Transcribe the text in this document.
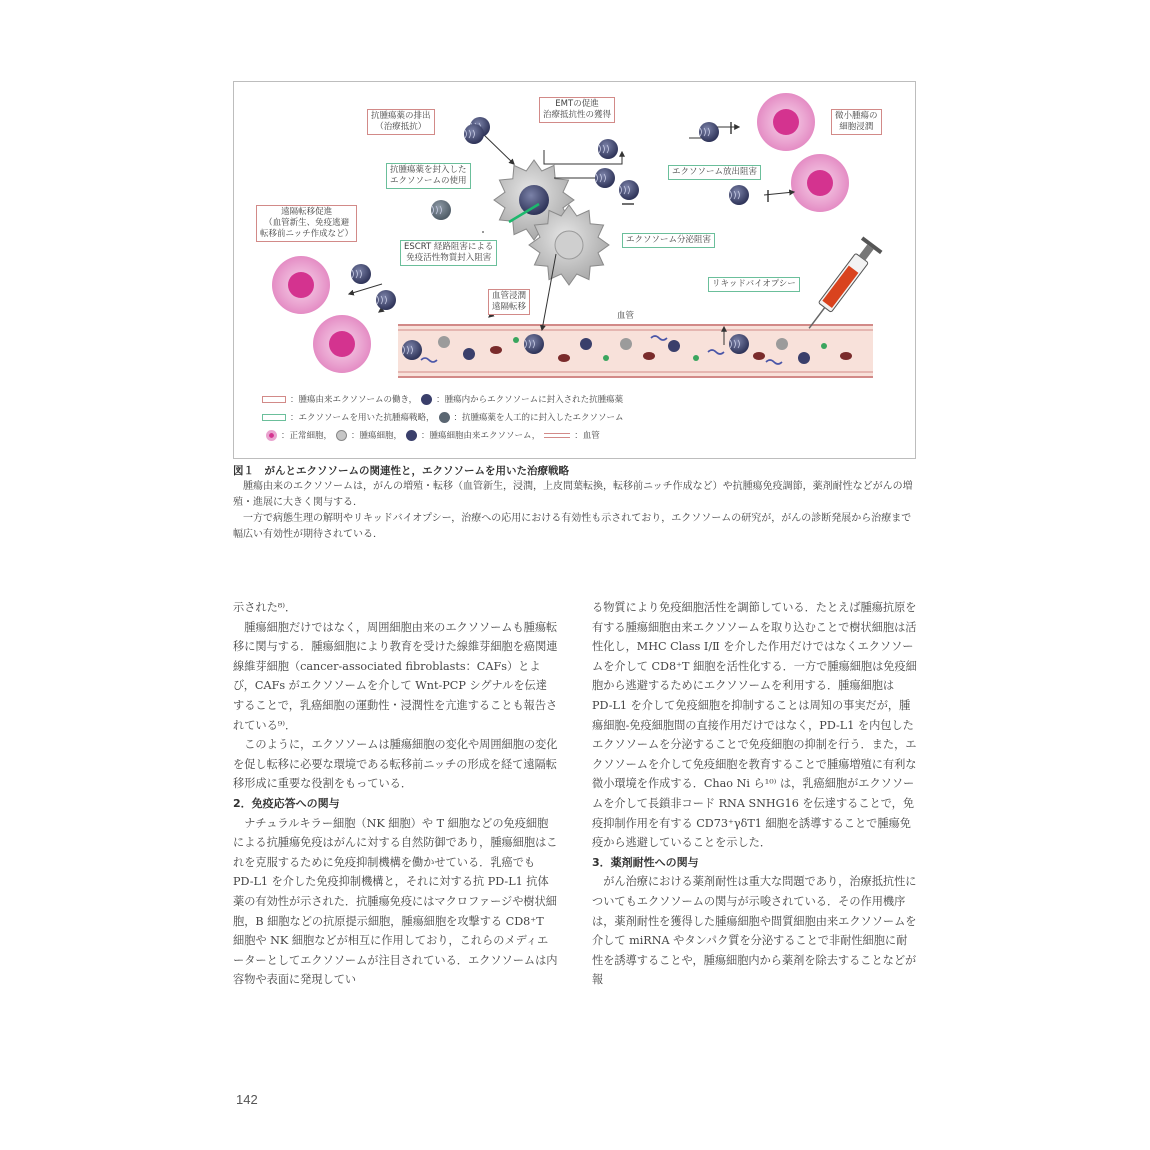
抗腫瘍薬の排出
（治療抵抗）
EMTの促進
治療抵抗性の獲得	微小腫瘍の
細胞浸潤
抗腫瘍薬を封入した
エクソソームの使用
エクソソーム放出阻害
遠隔転移促進
（血管新生、免疫逃避
転移前ニッチ作成など）
ESCRT 経路阻害による
免疫活性物質封入阻害
エクソソーム分泌阻害
血管浸潤
遠隔転移
リキッドバイオプシー
血管
：腫瘍由来エクソソームの働き， ：腫瘍内からエクソソームに封入された抗腫瘍薬
：エクソソームを用いた抗腫瘍戦略， ：抗腫瘍薬を人工的に封入したエクソソーム
：正常細胞， ：腫瘍細胞， ：腫瘍細胞由来エクソソーム，	：血管
図１　がんとエクソソームの関連性と，エクソソームを用いた治療戦略
腫瘍由来のエクソソームは，がんの増殖・転移（血管新生，浸潤，上皮間葉転換，転移前ニッチ作成など）や抗腫瘍免疫調節，薬剤耐性などがんの増殖・進展に大きく関与する．
一方で病態生理の解明やリキッドバイオプシー，治療への応用における有効性も示されており，エクソソームの研究が，がんの診断発展から治療まで幅広い有効性が期待されている．

示された⁸⁾．

腫瘍細胞だけではなく，周囲細胞由来のエクソソームも腫瘍転移に関与する．腫瘍細胞により教育を受けた線維芽細胞を癌関連線維芽細胞（cancer-associated fibroblasts：CAFs）とよび，CAFs がエクソソームを介して Wnt-PCP シグナルを伝達することで，乳癌細胞の運動性・浸潤性を亢進することも報告されている⁹⁾．

このように，エクソソームは腫瘍細胞の変化や周囲細胞の変化を促し転移に必要な環境である転移前ニッチの形成を経て遠隔転移形成に重要な役割をもっている．

2．免疫応答への関与

ナチュラルキラー細胞（NK 細胞）や T 細胞などの免疫細胞による抗腫瘍免疫はがんに対する自然防御であり，腫瘍細胞はこれを克服するために免疫抑制機構を働かせている．乳癌でも PD-L1 を介した免疫抑制機構と，それに対する抗 PD-L1 抗体薬の有効性が示された．抗腫瘍免疫にはマクロファージや樹状細胞，B 細胞などの抗原提示細胞，腫瘍細胞を攻撃する CD8⁺T 細胞や NK 細胞などが相互に作用しており，これらのメディエーターとしてエクソソームが注目されている．エクソソームは内容物や表面に発現してい

る物質により免疫細胞活性を調節している．たとえば腫瘍抗原を有する腫瘍細胞由来エクソソームを取り込むことで樹状細胞は活性化し，MHC Class Ⅰ/Ⅱ を介した作用だけではなくエクソソームを介して CD8⁺T 細胞を活性化する．一方で腫瘍細胞は免疫細胞から逃避するためにエクソソームを利用する．腫瘍細胞は PD-L1 を介して免疫細胞を抑制することは周知の事実だが，腫瘍細胞-免疫細胞間の直接作用だけではなく，PD-L1 を内包したエクソソームを分泌することで免疫細胞の抑制を行う．また，エクソソームを介して免疫細胞を教育することで腫瘍増殖に有利な微小環境を作成する．Chao Ni ら¹⁰⁾ は，乳癌細胞がエクソソームを介して長鎖非コード RNA SNHG16 を伝達することで，免疫抑制作用を有する CD73⁺γδT1 細胞を誘導することで腫瘍免疫から逃避していることを示した．

3．薬剤耐性への関与

がん治療における薬剤耐性は重大な問題であり，治療抵抗性についてもエクソソームの関与が示唆されている．その作用機序は，薬剤耐性を獲得した腫瘍細胞や間質細胞由来エクソソームを介して miRNA やタンパク質を分泌することで非耐性細胞に耐性を誘導することや，腫瘍細胞内から薬剤を除去することなどが報

142
